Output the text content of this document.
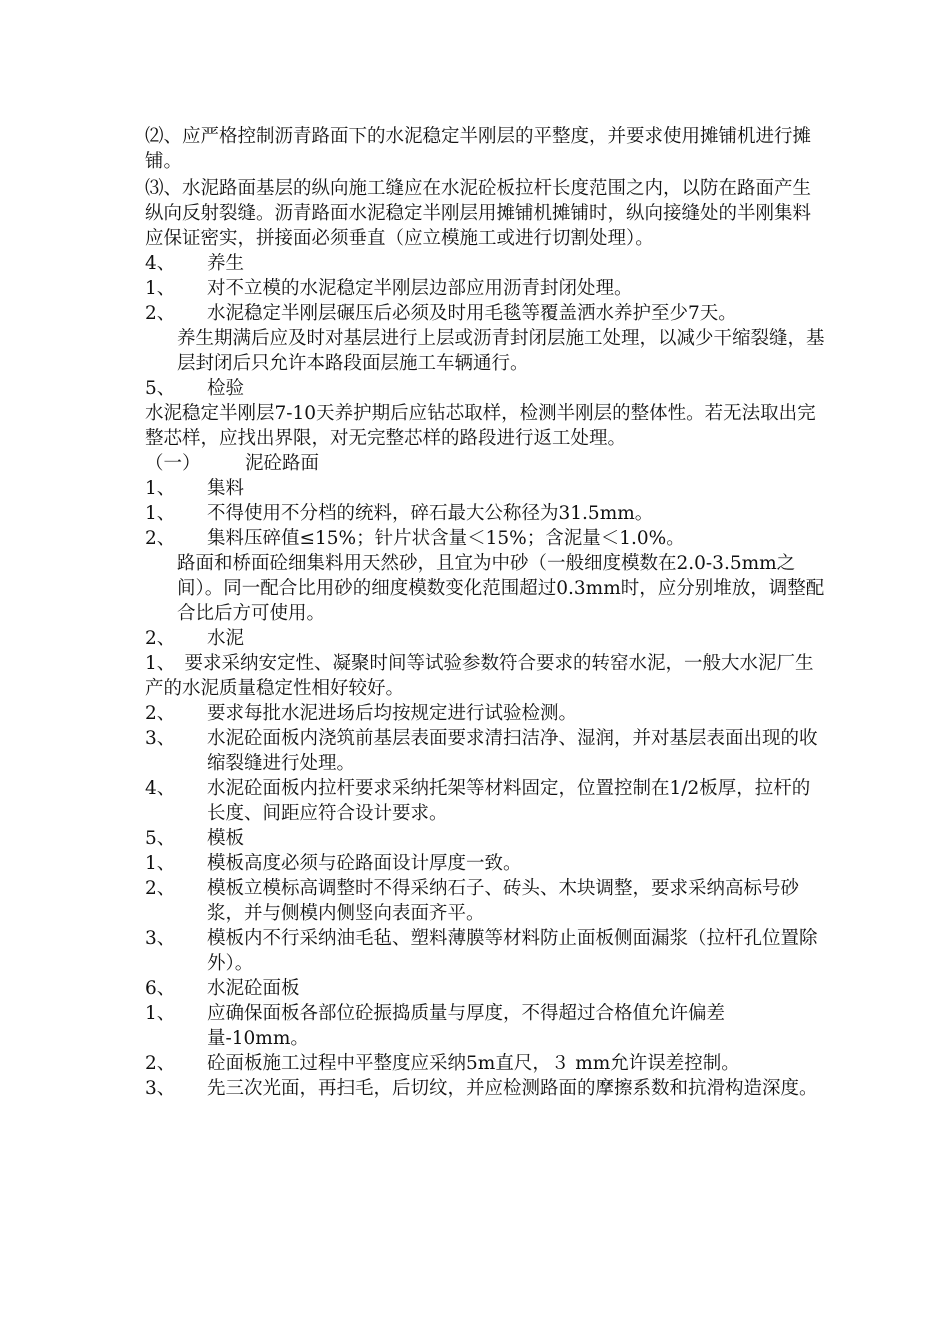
⑵、应严格控制沥青路面下的水泥稳定半刚层的平整度，并要求使用摊铺机进行摊铺。

⑶、水泥路面基层的纵向施工缝应在水泥砼板拉杆长度范围之内，以防在路面产生纵向反射裂缝。沥青路面水泥稳定半刚层用摊铺机摊铺时，纵向接缝处的半刚集料应保证密实，拼接面必须垂直（应立模施工或进行切割处理）。

4、	养生
1、	对不立模的水泥稳定半刚层边部应用沥青封闭处理。
2、	水泥稳定半刚层碾压后必须及时用毛毯等覆盖洒水养护至少7天。

养生期满后应及时对基层进行上层或沥青封闭层施工处理，以减少干缩裂缝，基层封闭后只允许本路段面层施工车辆通行。

5、	检验

水泥稳定半刚层7-10天养护期后应钻芯取样，检测半刚层的整体性。若无法取出完整芯样，应找出界限，对无完整芯样的路段进行返工处理。

（一）	泥砼路面
1、	集料
1、	不得使用不分档的统料，碎石最大公称径为31.5mm。
2、	集料压碎值≤15%；针片状含量＜15%；含泥量＜1.0%。

路面和桥面砼细集料用天然砂，且宜为中砂（一般细度模数在2.0-3.5mm之间）。同一配合比用砂的细度模数变化范围超过0.3mm时，应分别堆放，调整配合比后方可使用。

2、	水泥

1、　要求采纳安定性、凝聚时间等试验参数符合要求的转窑水泥，一般大水泥厂生产的水泥质量稳定性相好较好。

2、	要求每批水泥进场后均按规定进行试验检测。
3、	水泥砼面板内浇筑前基层表面要求清扫洁净、湿润，并对基层表面出现的收缩裂缝进行处理。
4、	水泥砼面板内拉杆要求采纳托架等材料固定，位置控制在1/2板厚，拉杆的长度、间距应符合设计要求。
5、	模板
1、	模板高度必须与砼路面设计厚度一致。
2、	模板立模标高调整时不得采纳石子、砖头、木块调整，要求采纳高标号砂浆，并与侧模内侧竖向表面齐平。
3、	模板内不行采纳油毛毡、塑料薄膜等材料防止面板侧面漏浆（拉杆孔位置除外）。
6、	水泥砼面板
1、	应确保面板各部位砼振捣质量与厚度，不得超过合格值允许偏差量-10mm。
2、	砼面板施工过程中平整度应采纳5m直尺，３ mm允许误差控制。
3、	先三次光面，再扫毛，后切纹，并应检测路面的摩擦系数和抗滑构造深度。
